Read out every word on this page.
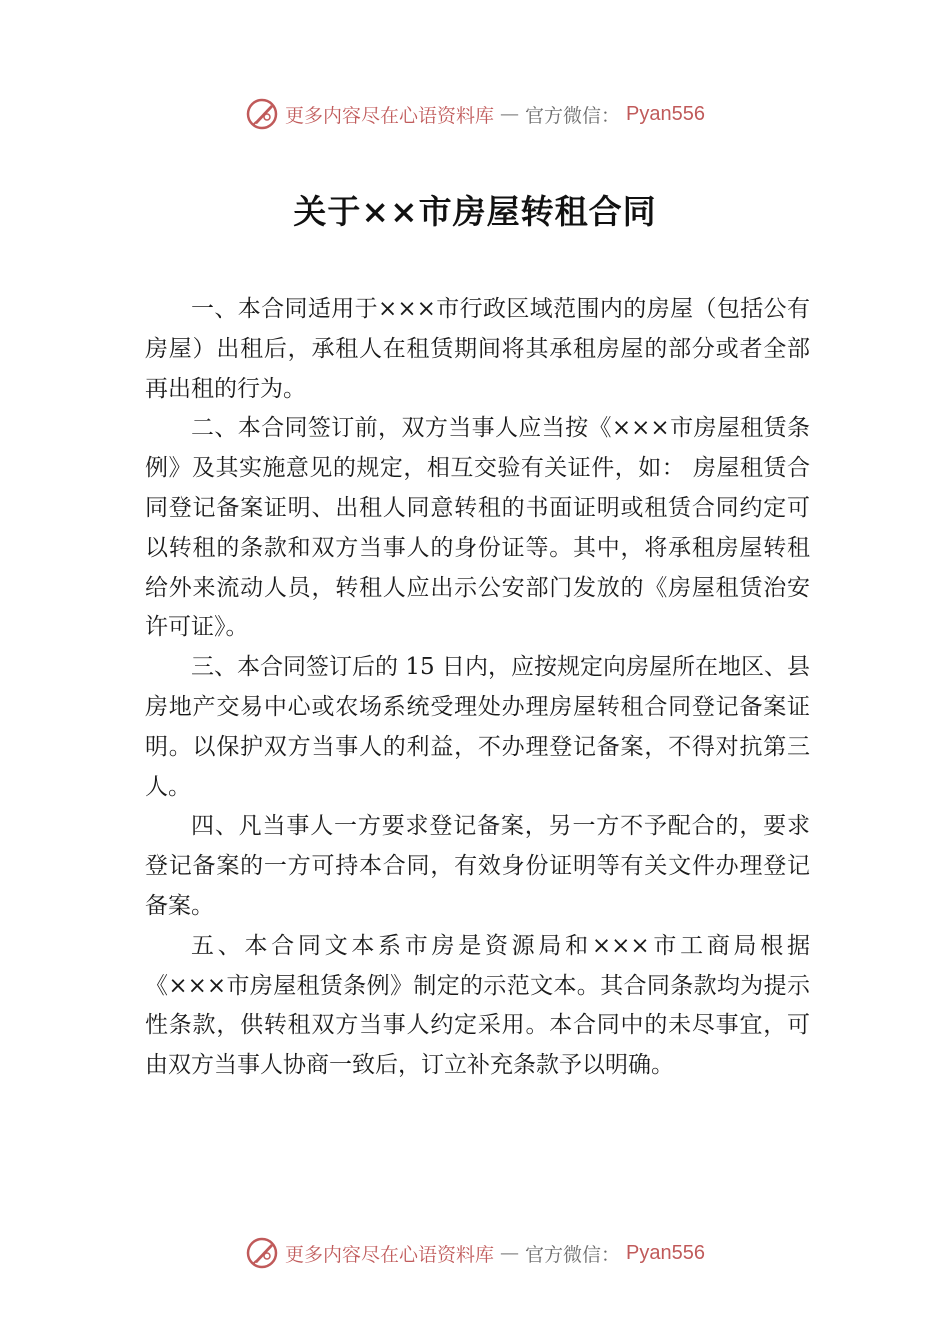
更多内容尽在心语资料库 — 官方微信： Pyan556
关于××市房屋转租合同

一、本合同适用于×××市行政区域范围内的房屋（包括公有房屋）出租后，承租人在租赁期间将其承租房屋的部分或者全部再出租的行为。

二、本合同签订前，双方当事人应当按《×××市房屋租赁条例》及其实施意见的规定，相互交验有关证件，如： 房屋租赁合同登记备案证明、出租人同意转租的书面证明或租赁合同约定可以转租的条款和双方当事人的身份证等。其中，将承租房屋转租给外来流动人员，转租人应出示公安部门发放的《房屋租赁治安许可证》。

三、本合同签订后的 15 日内，应按规定向房屋所在地区、县房地产交易中心或农场系统受理处办理房屋转租合同登记备案证明。以保护双方当事人的利益，不办理登记备案，不得对抗第三人。

四、凡当事人一方要求登记备案，另一方不予配合的，要求登记备案的一方可持本合同，有效身份证明等有关文件办理登记备案。

五、本合同文本系市房是资源局和×××市工商局根据《×××市房屋租赁条例》制定的示范文本。其合同条款均为提示性条款，供转租双方当事人约定采用。本合同中的未尽事宜，可由双方当事人协商一致后，订立补充条款予以明确。

更多内容尽在心语资料库 — 官方微信： Pyan556
